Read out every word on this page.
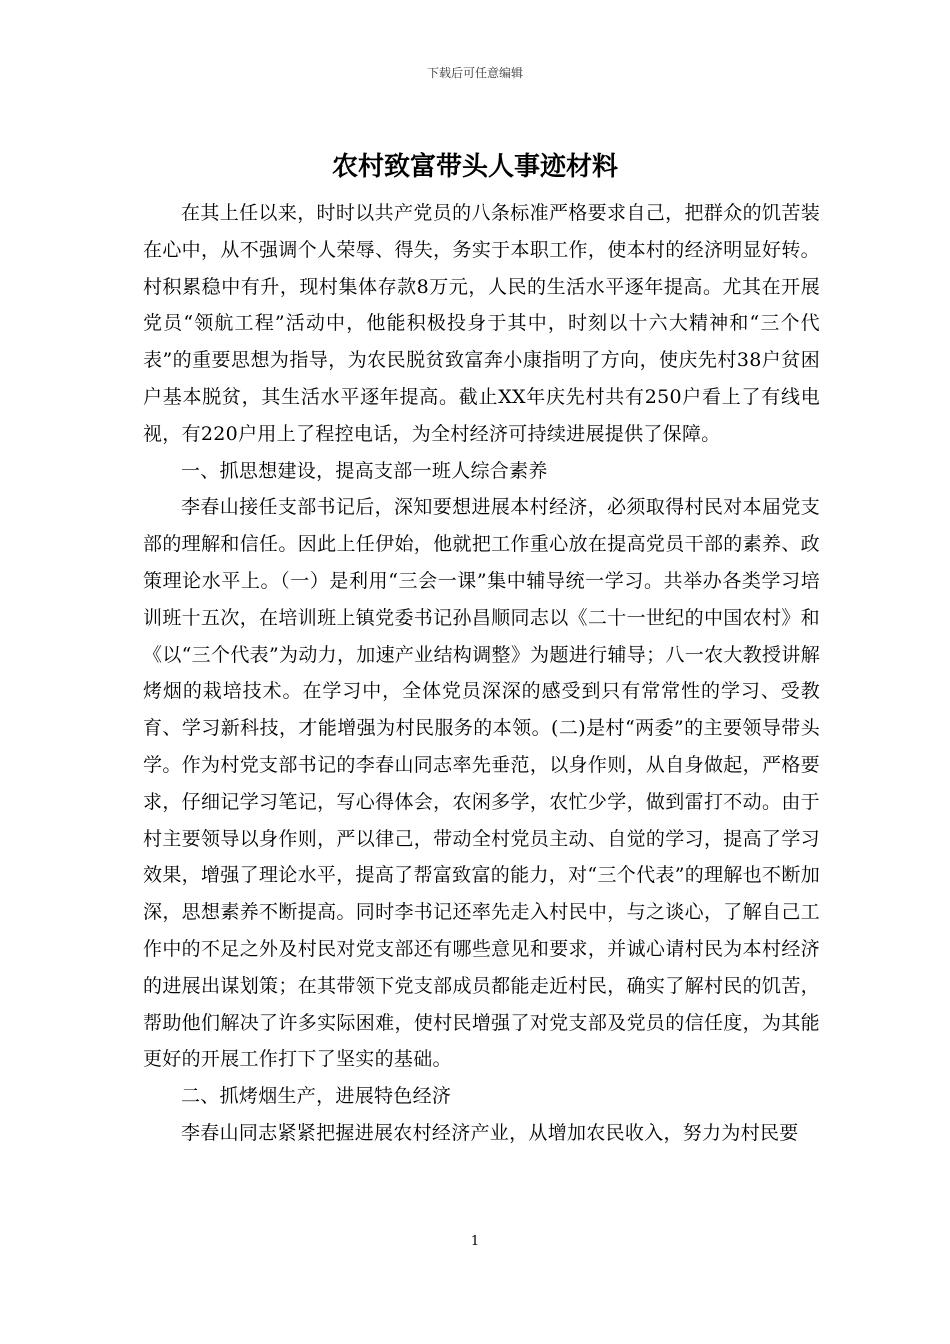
下载后可任意编辑
农村致富带头人事迹材料

在其上任以来，时时以共产党员的八条标准严格要求自己，把群众的饥苦装在心中，从不强调个人荣辱、得失，务实于本职工作，使本村的经济明显好转。村积累稳中有升，现村集体存款8万元，人民的生活水平逐年提高。尤其在开展党员“领航工程”活动中，他能积极投身于其中，时刻以十六大精神和“三个代表”的重要思想为指导，为农民脱贫致富奔小康指明了方向，使庆先村38户贫困户基本脱贫，其生活水平逐年提高。截止XX年庆先村共有250户看上了有线电视，有220户用上了程控电话，为全村经济可持续进展提供了保障。

一、抓思想建设，提高支部一班人综合素养

李春山接任支部书记后，深知要想进展本村经济，必须取得村民对本届党支部的理解和信任。因此上任伊始，他就把工作重心放在提高党员干部的素养、政策理论水平上。（一）是利用“三会一课”集中辅导统一学习。共举办各类学习培训班十五次，在培训班上镇党委书记孙昌顺同志以《二十一世纪的中国农村》和《以“三个代表”为动力，加速产业结构调整》为题进行辅导；八一农大教授讲解烤烟的栽培技术。在学习中，全体党员深深的感受到只有常常性的学习、受教育、学习新科技，才能增强为村民服务的本领。(二)是村“两委”的主要领导带头学。作为村党支部书记的李春山同志率先垂范，以身作则，从自身做起，严格要求，仔细记学习笔记，写心得体会，农闲多学，农忙少学，做到雷打不动。由于村主要领导以身作则，严以律己，带动全村党员主动、自觉的学习，提高了学习效果，增强了理论水平，提高了帮富致富的能力，对“三个代表”的理解也不断加深，思想素养不断提高。同时李书记还率先走入村民中，与之谈心，了解自己工作中的不足之外及村民对党支部还有哪些意见和要求，并诚心请村民为本村经济的进展出谋划策；在其带领下党支部成员都能走近村民，确实了解村民的饥苦，帮助他们解决了许多实际困难，使村民增强了对党支部及党员的信任度，为其能更好的开展工作打下了坚实的基础。

二、抓烤烟生产，进展特色经济

李春山同志紧紧把握进展农村经济产业，从增加农民收入，努力为村民要

1
